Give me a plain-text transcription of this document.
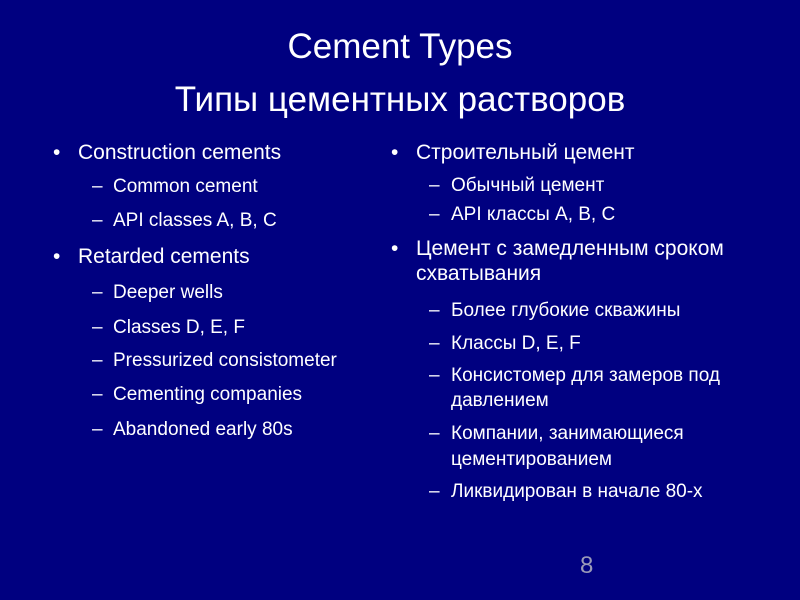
Cement Types
Типы цементных растворов
• Construction cements
– Common cement
– API classes A, B, C
• Retarded cements
– Deeper wells
– Classes D, E, F
– Pressurized consistometer
– Cementing companies
– Abandoned early 80s
• Строительный цемент
– Обычный цемент
– API классы A, B, C
• Цемент с замедленным сроком
схватывания
– Более глубокие скважины
– Классы D, E, F
– Консистомер для замеров под
давлением
– Компании, занимающиеся
цементированием
– Ликвидирован в начале 80-х
8
